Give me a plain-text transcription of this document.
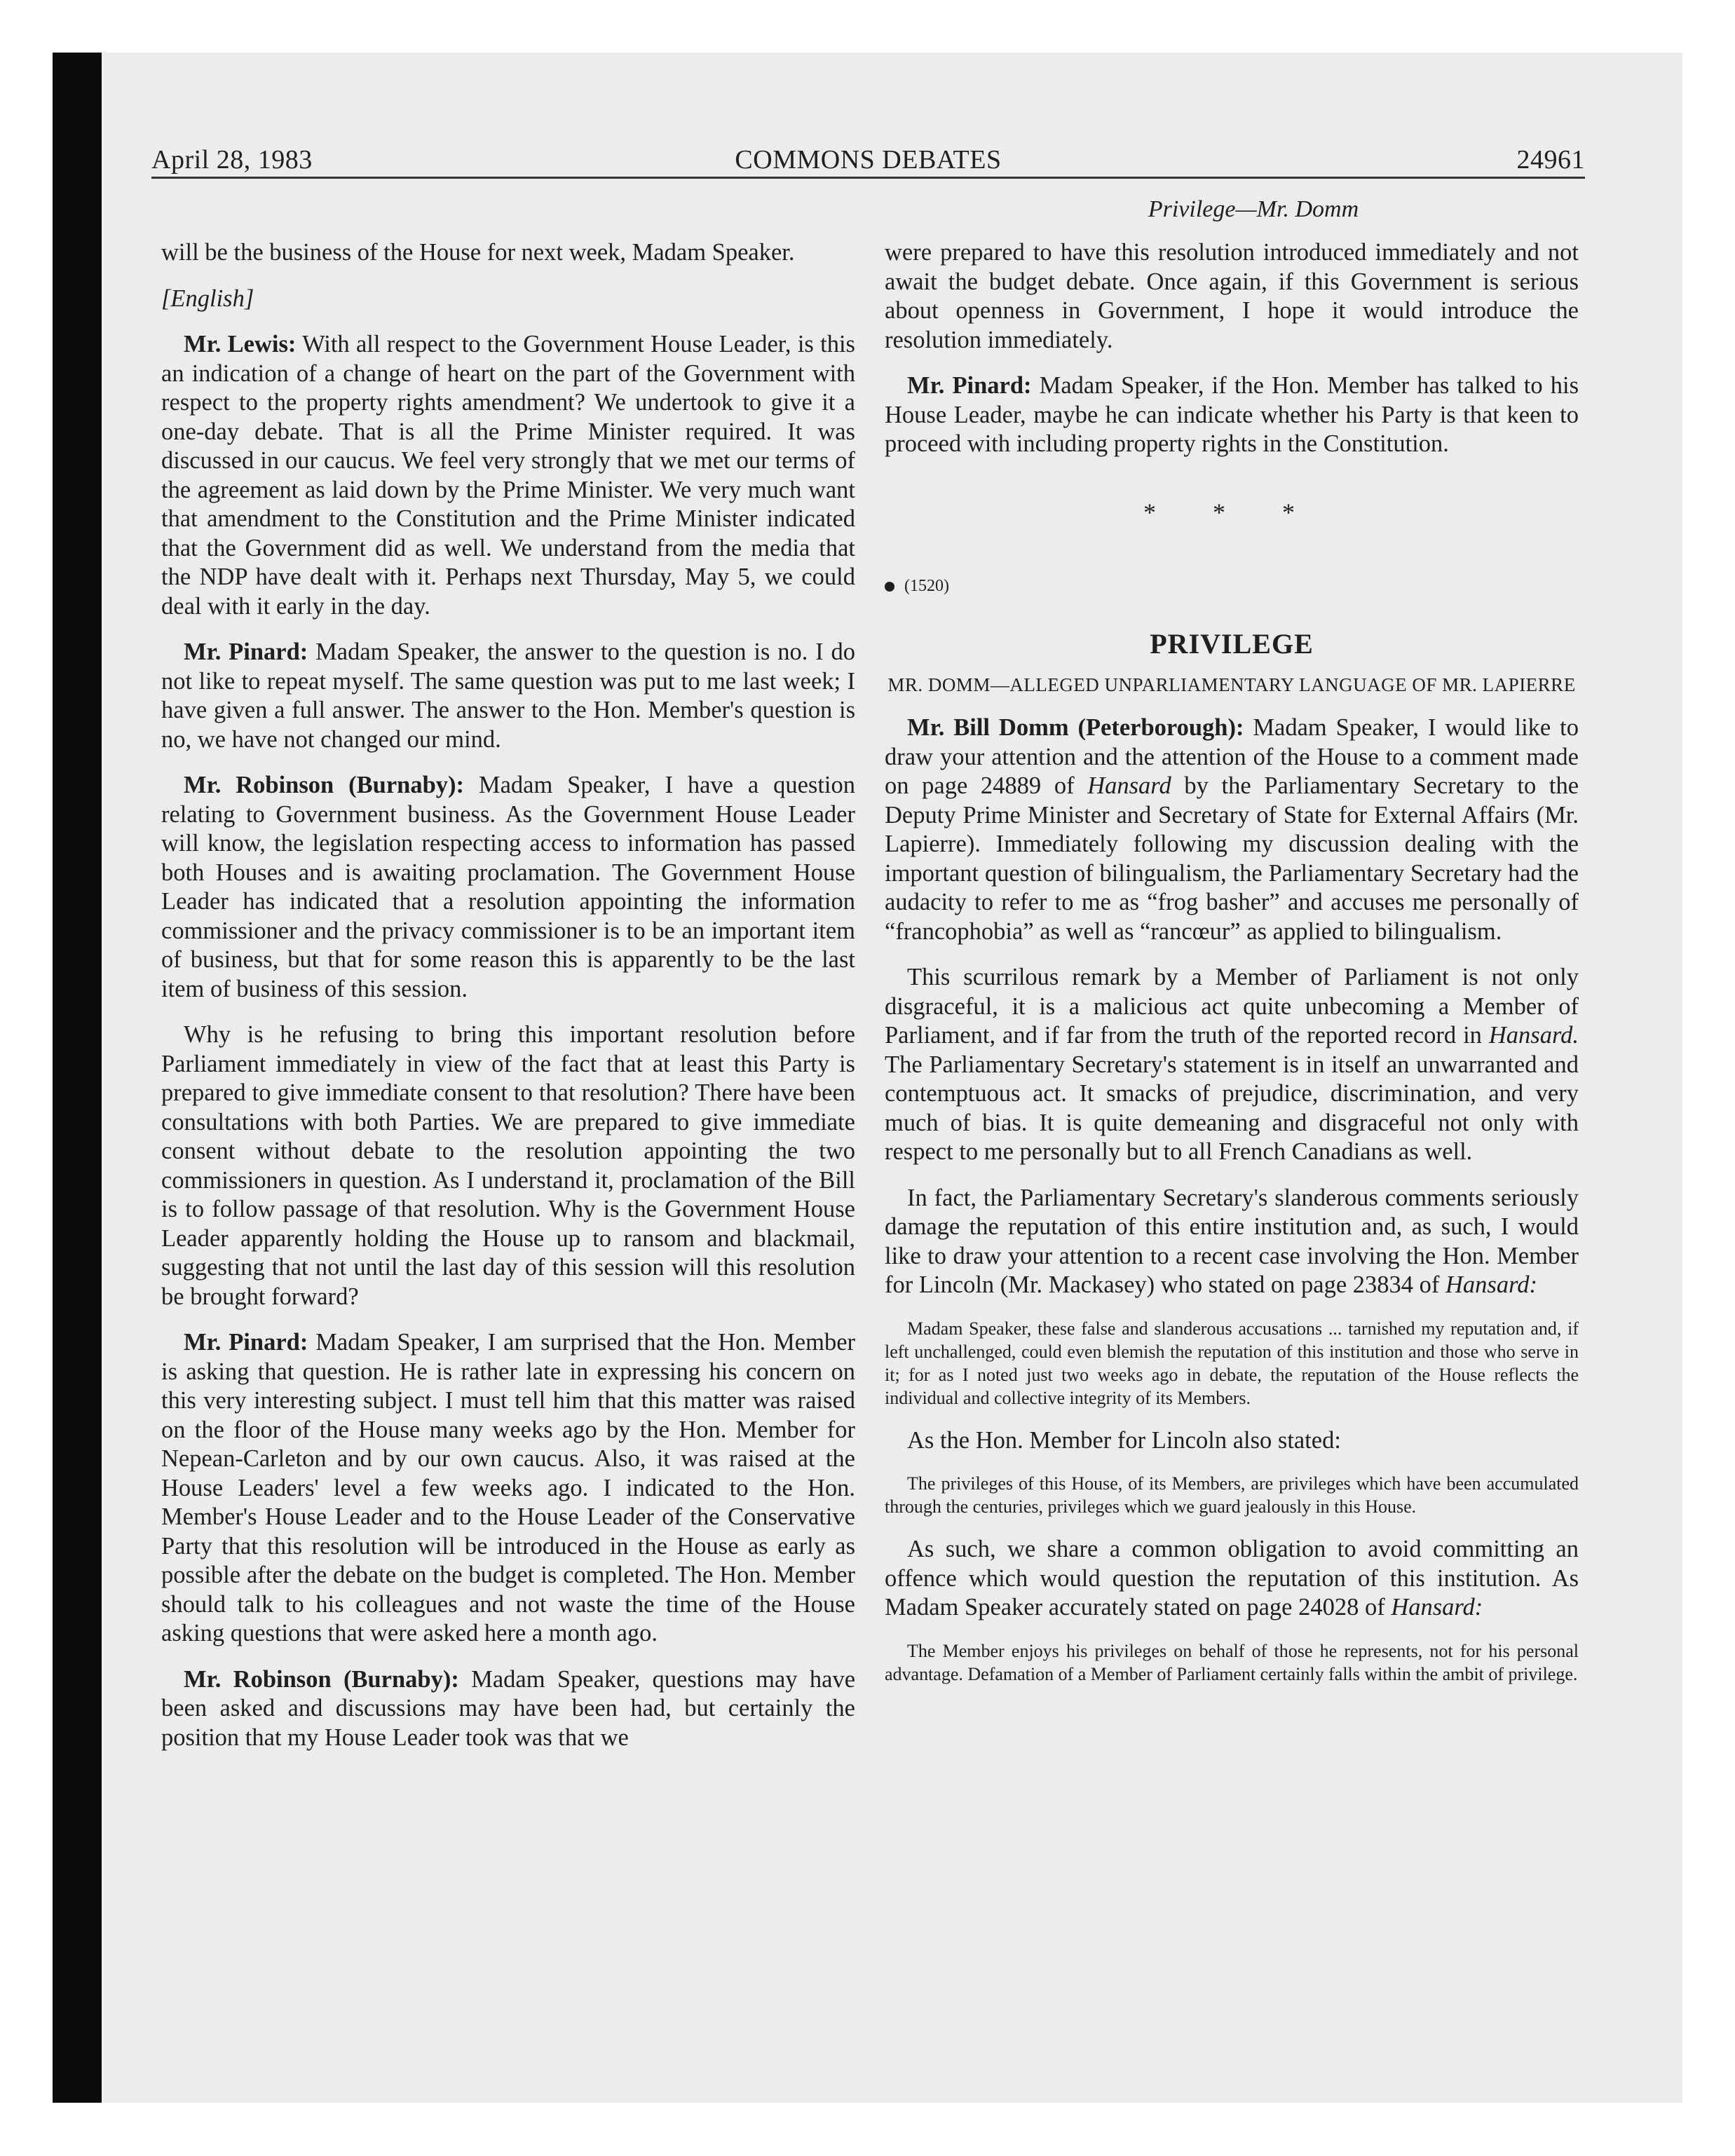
April 28, 1983	COMMONS DEBATES	24961
Privilege—Mr. Domm

will be the business of the House for next week, Madam Speaker.

[English]

Mr. Lewis: With all respect to the Government House Leader, is this an indication of a change of heart on the part of the Government with respect to the property rights amendment? We undertook to give it a one-day debate. That is all the Prime Minister required. It was discussed in our caucus. We feel very strongly that we met our terms of the agreement as laid down by the Prime Minister. We very much want that amendment to the Constitution and the Prime Minister indicated that the Government did as well. We understand from the media that the NDP have dealt with it. Perhaps next Thursday, May 5, we could deal with it early in the day.

Mr. Pinard: Madam Speaker, the answer to the question is no. I do not like to repeat myself. The same question was put to me last week; I have given a full answer. The answer to the Hon. Member's question is no, we have not changed our mind.

Mr. Robinson (Burnaby): Madam Speaker, I have a question relating to Government business. As the Government House Leader will know, the legislation respecting access to information has passed both Houses and is awaiting proclamation. The Government House Leader has indicated that a resolution appointing the information commissioner and the privacy commissioner is to be an important item of business, but that for some reason this is apparently to be the last item of business of this session.

Why is he refusing to bring this important resolution before Parliament immediately in view of the fact that at least this Party is prepared to give immediate consent to that resolution? There have been consultations with both Parties. We are prepared to give immediate consent without debate to the resolution appointing the two commissioners in question. As I understand it, proclamation of the Bill is to follow passage of that resolution. Why is the Government House Leader apparently holding the House up to ransom and blackmail, suggesting that not until the last day of this session will this resolution be brought forward?

Mr. Pinard: Madam Speaker, I am surprised that the Hon. Member is asking that question. He is rather late in expressing his concern on this very interesting subject. I must tell him that this matter was raised on the floor of the House many weeks ago by the Hon. Member for Nepean-Carleton and by our own caucus. Also, it was raised at the House Leaders' level a few weeks ago. I indicated to the Hon. Member's House Leader and to the House Leader of the Conservative Party that this resolution will be introduced in the House as early as possible after the debate on the budget is completed. The Hon. Member should talk to his colleagues and not waste the time of the House asking questions that were asked here a month ago.

Mr. Robinson (Burnaby): Madam Speaker, questions may have been asked and discussions may have been had, but certainly the position that my House Leader took was that we

were prepared to have this resolution introduced immediately and not await the budget debate. Once again, if this Government is serious about openness in Government, I hope it would introduce the resolution immediately.

Mr. Pinard: Madam Speaker, if the Hon. Member has talked to his House Leader, maybe he can indicate whether his Party is that keen to proceed with including property rights in the Constitution.

* * *
(1520)
PRIVILEGE
MR. DOMM—ALLEGED UNPARLIAMENTARY LANGUAGE OF MR. LAPIERRE

Mr. Bill Domm (Peterborough): Madam Speaker, I would like to draw your attention and the attention of the House to a comment made on page 24889 of Hansard by the Parliamentary Secretary to the Deputy Prime Minister and Secretary of State for External Affairs (Mr. Lapierre). Immediately following my discussion dealing with the important question of bilingualism, the Parliamentary Secretary had the audacity to refer to me as “frog basher” and accuses me personally of “francophobia” as well as “rancœur” as applied to bilingualism.

This scurrilous remark by a Member of Parliament is not only disgraceful, it is a malicious act quite unbecoming a Member of Parliament, and if far from the truth of the reported record in Hansard. The Parliamentary Secretary's statement is in itself an unwarranted and contemptuous act. It smacks of prejudice, discrimination, and very much of bias. It is quite demeaning and disgraceful not only with respect to me personally but to all French Canadians as well.

In fact, the Parliamentary Secretary's slanderous comments seriously damage the reputation of this entire institution and, as such, I would like to draw your attention to a recent case involving the Hon. Member for Lincoln (Mr. Mackasey) who stated on page 23834 of Hansard:

Madam Speaker, these false and slanderous accusations ... tarnished my reputation and, if left unchallenged, could even blemish the reputation of this institution and those who serve in it; for as I noted just two weeks ago in debate, the reputation of the House reflects the individual and collective integrity of its Members.

As the Hon. Member for Lincoln also stated:

The privileges of this House, of its Members, are privileges which have been accumulated through the centuries, privileges which we guard jealously in this House.

As such, we share a common obligation to avoid committing an offence which would question the reputation of this institution. As Madam Speaker accurately stated on page 24028 of Hansard:

The Member enjoys his privileges on behalf of those he represents, not for his personal advantage. Defamation of a Member of Parliament certainly falls within the ambit of privilege.
